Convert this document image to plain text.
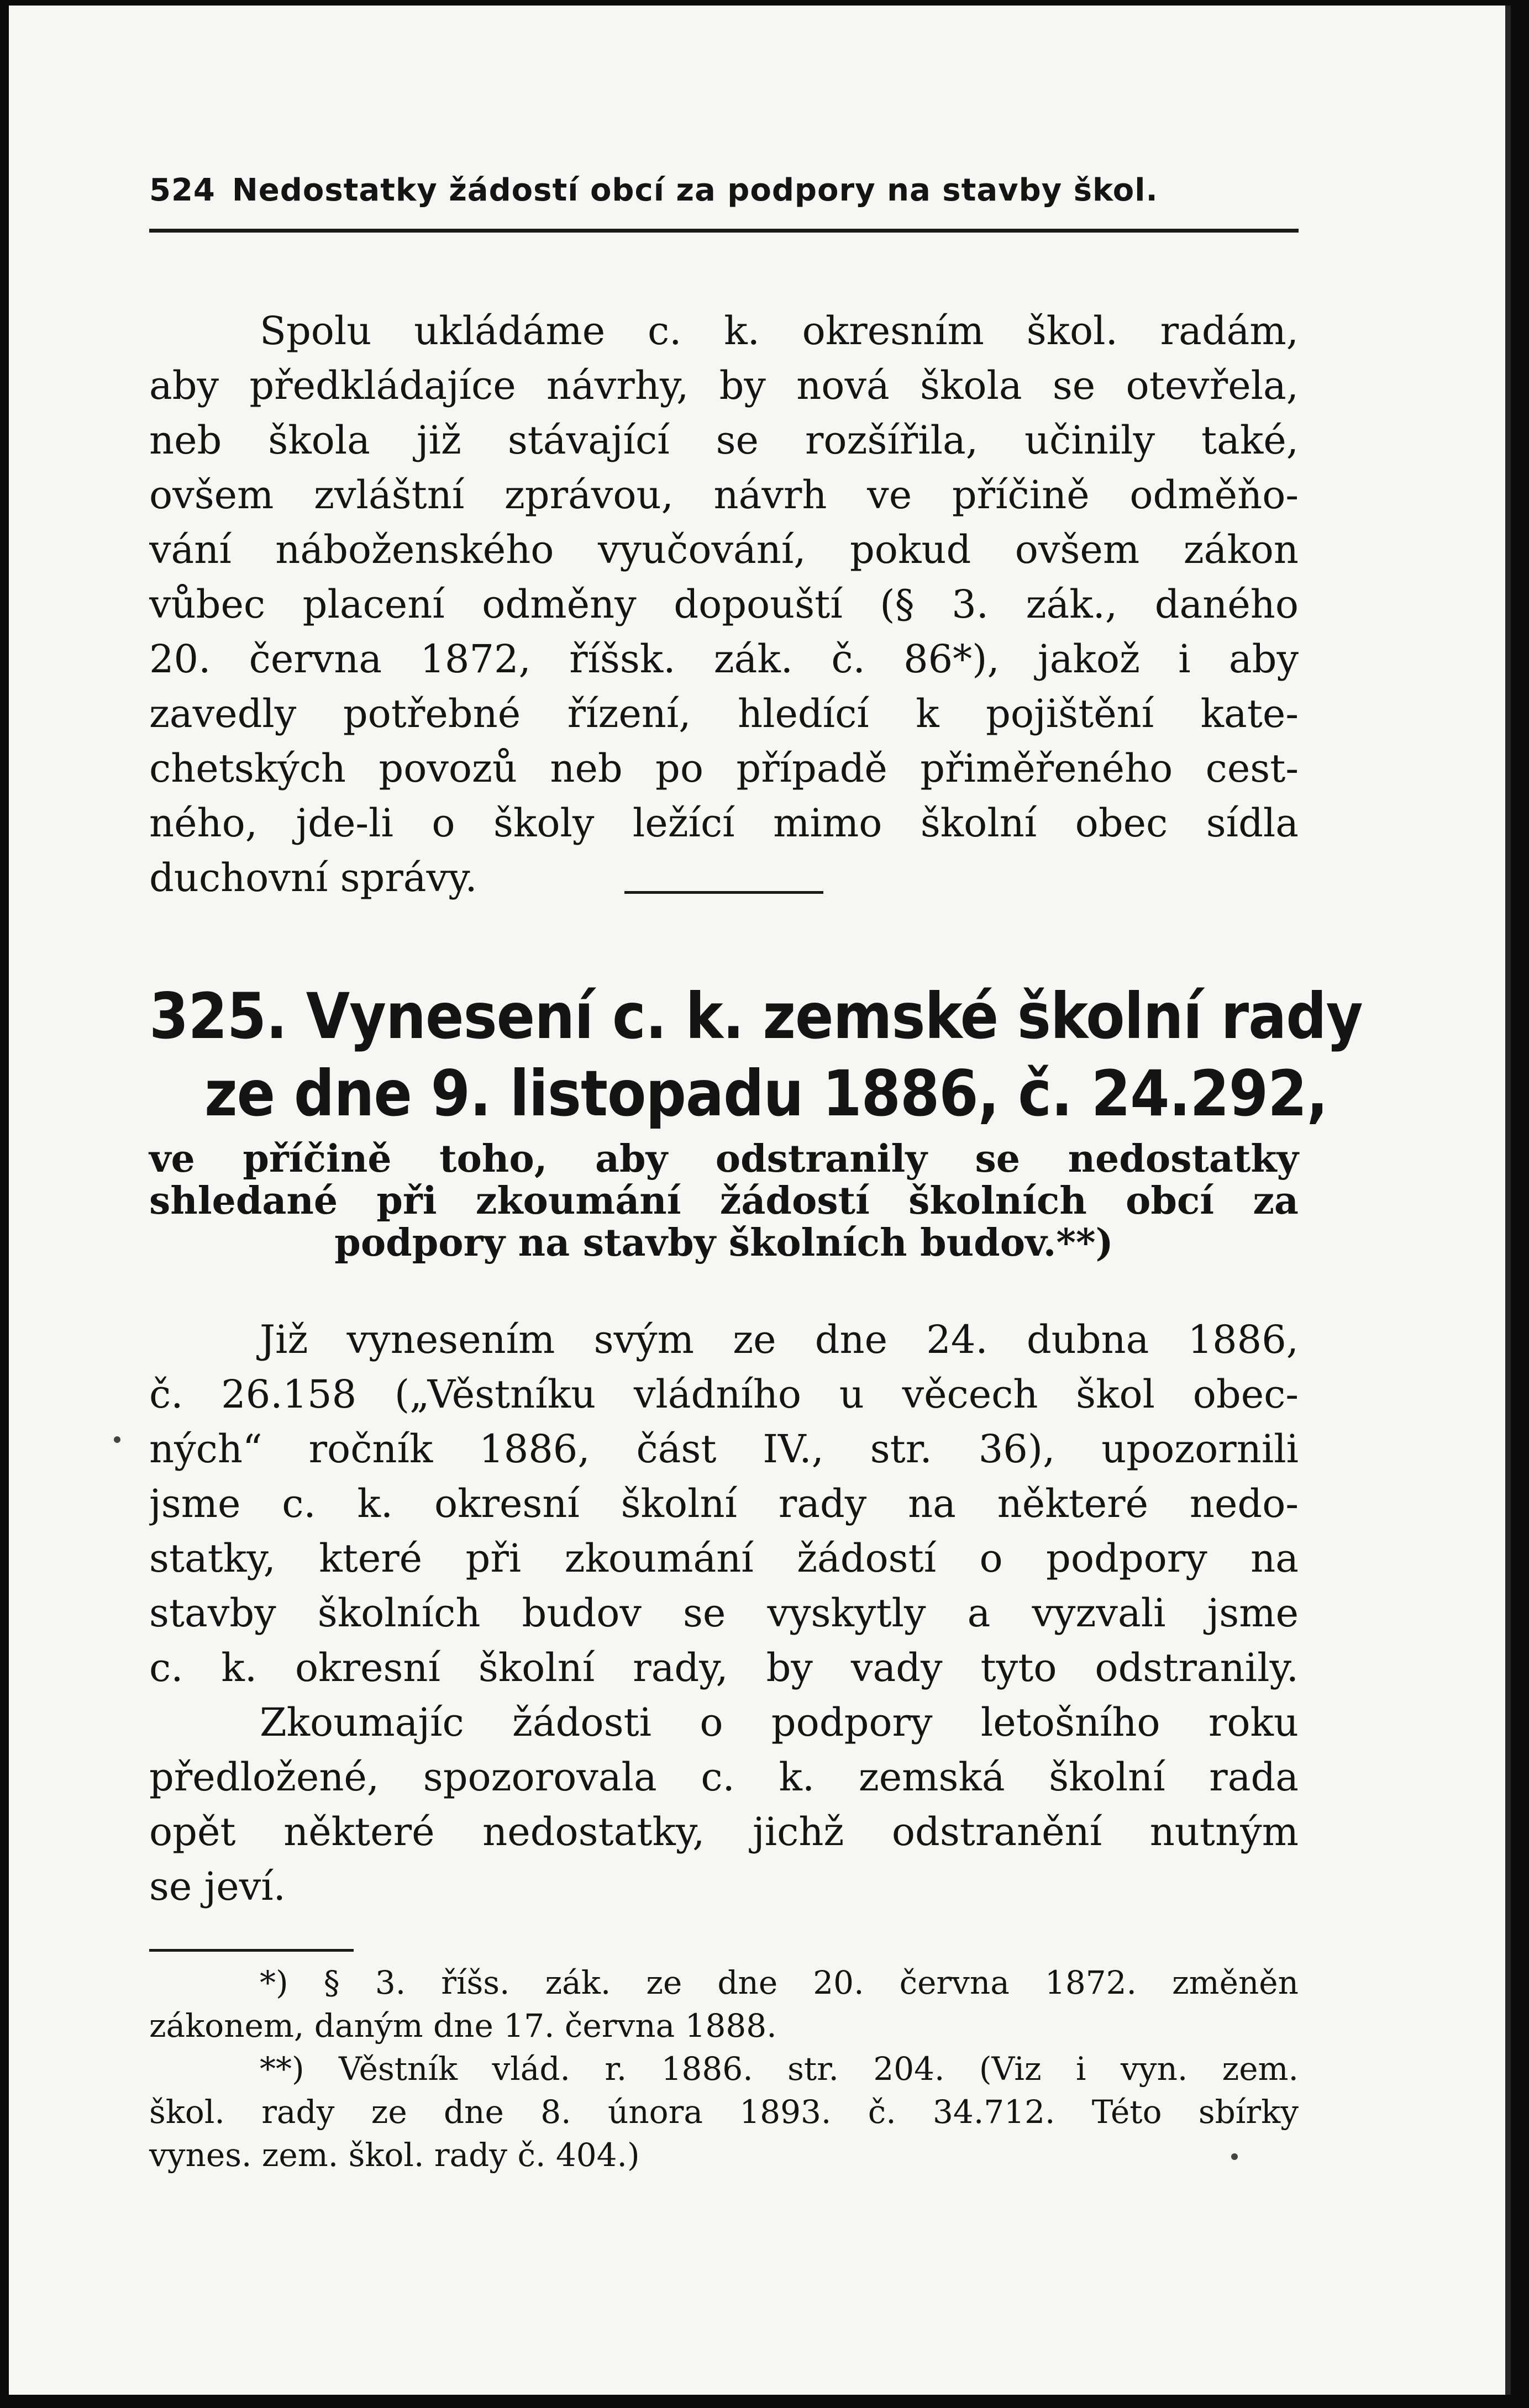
524 Nedostatky žádostí obcí za podpory na stavby škol.
Spolu ukládáme c. k. okresním škol. radám,
aby předkládajíce návrhy, by nová škola se otevřela,
neb škola již stávající se rozšířila, učinily také,
ovšem zvláštní zprávou, návrh ve příčině odměňo-
vání náboženského vyučování, pokud ovšem zákon
vůbec placení odměny dopouští (§ 3. zák., daného
20. června 1872, říšsk. zák. č. 86*), jakož i aby
zavedly potřebné řízení, hledící k pojištění kate-
chetských povozů neb po případě přiměřeného cest-
ného, jde-li o školy ležící mimo školní obec sídla
duchovní správy.
325. Vynesení c. k. zemské školní rady
ze dne 9. listopadu 1886, č. 24.292,
ve příčině toho, aby odstranily se nedostatky
shledané při zkoumání žádostí školních obcí za
podpory na stavby školních budov.**)
Již vynesením svým ze dne 24. dubna 1886,
č. 26.158 („Věstníku vládního u věcech škol obec-
ných“ ročník 1886, část IV., str. 36), upozornili
jsme c. k. okresní školní rady na některé nedo-
statky, které při zkoumání žádostí o podpory na
stavby školních budov se vyskytly a vyzvali jsme
c. k. okresní školní rady, by vady tyto odstranily.
Zkoumajíc žádosti o podpory letošního roku
předložené, spozorovala c. k. zemská školní rada
opět některé nedostatky, jichž odstranění nutným
se jeví.
*) § 3. říšs. zák. ze dne 20. června 1872. změněn
zákonem, daným dne 17. června 1888.
**) Věstník vlád. r. 1886. str. 204. (Viz i vyn. zem.
škol. rady ze dne 8. února 1893. č. 34.712. Této sbírky
vynes. zem. škol. rady č. 404.)
